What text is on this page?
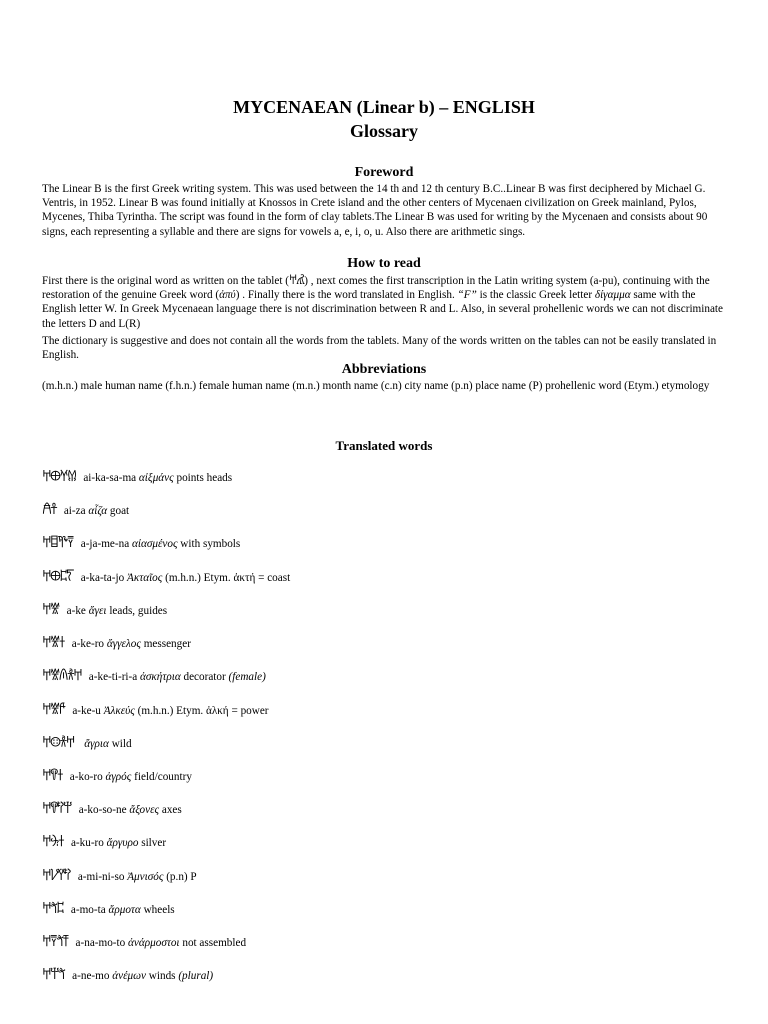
MYCENAEAN (Linear b) – ENGLISH
Glossary
Foreword
The Linear B is the first Greek writing system. This was used between the 14 th and 12 th century B.C..Linear B was first deciphered by Michael G. Ventris, in 1952. Linear B was found initially at Knossos in Crete island and the other centers of Mycenaen civilization on Greek mainland, Pylos, Mycenes, Thiba Tyrintha. The script was found in the form of clay tablets.The Linear B was used for writing by the Mycenaen and consists about 90 signs, each representing a syllable and there are signs for vowels a, e, i, o, u. Also there are arithmetic sings.
How to read
First there is the original word as written on the tablet (𐀀𐀢) , next comes the first transcription in the Latin writing system (a-pu), continuing with the restoration of the genuine Greek word (ἀπύ) . Finally there is the word translated in English. “F” is the classic Greek letter δίγαμμα same with the English letter W. In Greek Mycenaean language there is not discrimination between R and L. Also, in several prohellenic words we can not discriminate the letters D and L(R)
The dictionary is suggestive and does not contain all the words from the tablets. Many of the words written on the tables can not be easily translated in English.
Abbreviations
(m.h.n.) male human name (f.h.n.) female human name (m.n.) month name (c.n) city name (p.n) place name (P) prohellenic word (Etym.) etymology
Translated words
𐀀𐀏𐀭𐀔 ai-ka-sa-ma αἰξμάνς points heads
𐀁𐀼 ai-za αἶζα goat
𐀀𐀊𐀕𐀙 a-ja-me-na αἰασμένος with symbols
𐀀𐀏𐀲𐀍 a-ka-ta-jo Ἀκταῖος (m.h.n.) Etym. ἀκτή = coast
𐀀𐀐 a-ke ἄγει leads, guides
𐀀𐀐𐀫 a-ke-ro ἄγγελος messenger
𐀀𐀐𐀴𐀪𐀀 a-ke-ti-ri-a ἀσκήτρια decorator (female)
𐀀𐀐𐀄 a-ke-u Ἀλκεύς (m.h.n.) Etym. ἀλκή = power
𐀀𐀤𐀪𐀀 ἄγρια wild
𐀀𐀒𐀫 a-ko-ro ἀγρός field/country
𐀀𐀒𐀰𐀚 a-ko-so-ne ἄξονες axes
𐀀𐀓𐀫 a-ku-ro ἄργυρο silver
𐀀𐀖𐀛𐀰 a-mi-ni-so Ἀμνισός (p.n) P
𐀀𐀗𐀲 a-mo-ta ἅρμοτα wheels
𐀀𐀙𐀗𐀵 a-na-mo-to ἀνάρμοστοι not assembled
𐀀𐀚𐀗 a-ne-mo ἀνέμων winds (plural)
